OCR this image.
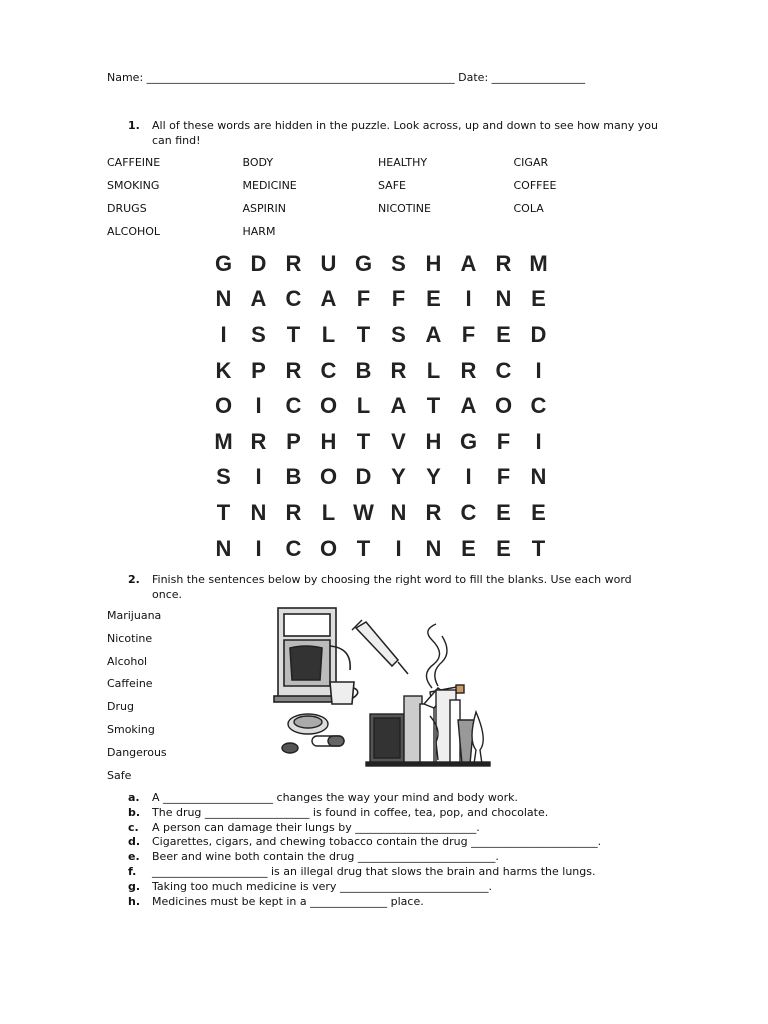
Name: ________________________________________________________ Date: _________________
1. All of these words are hidden in the puzzle. Look across, up and down to see how many you can find!
CAFFEINE	BODY	HEALTHY	CIGAR
SMOKING	MEDICINE	SAFE	COFFEE
DRUGS	ASPIRIN	NICOTINE	COLA
ALCOHOL	HARM
G D R U G S H A R M
N A C A F F E	I	N E
I	S T L T S A F E D
K P R C B R L R C	I
O	I	C O L A T A O C
M R P H T V H G F	I
S	I	B O D Y Y	I	F N
T N R L W N R C E E
N	I	C O T	I	N E E T
2. Finish the sentences below by choosing the right word to fill the blanks. Use each word once.
Marijuana
Nicotine
Alcohol
Caffeine
Drug
Smoking
Dangerous
Safe
a.	A ____________________ changes the way your mind and body work.
b.	The drug ___________________ is found in coffee, tea, pop, and chocolate.
c.	A person can damage their lungs by ______________________.
d.	Cigarettes, cigars, and chewing tobacco contain the drug _______________________.
e.	Beer and wine both contain the drug _________________________.
f.	_____________________ is an illegal drug that slows the brain and harms the lungs.
g.	Taking too much medicine is very ___________________________.
h.	Medicines must be kept in a ______________ place.
